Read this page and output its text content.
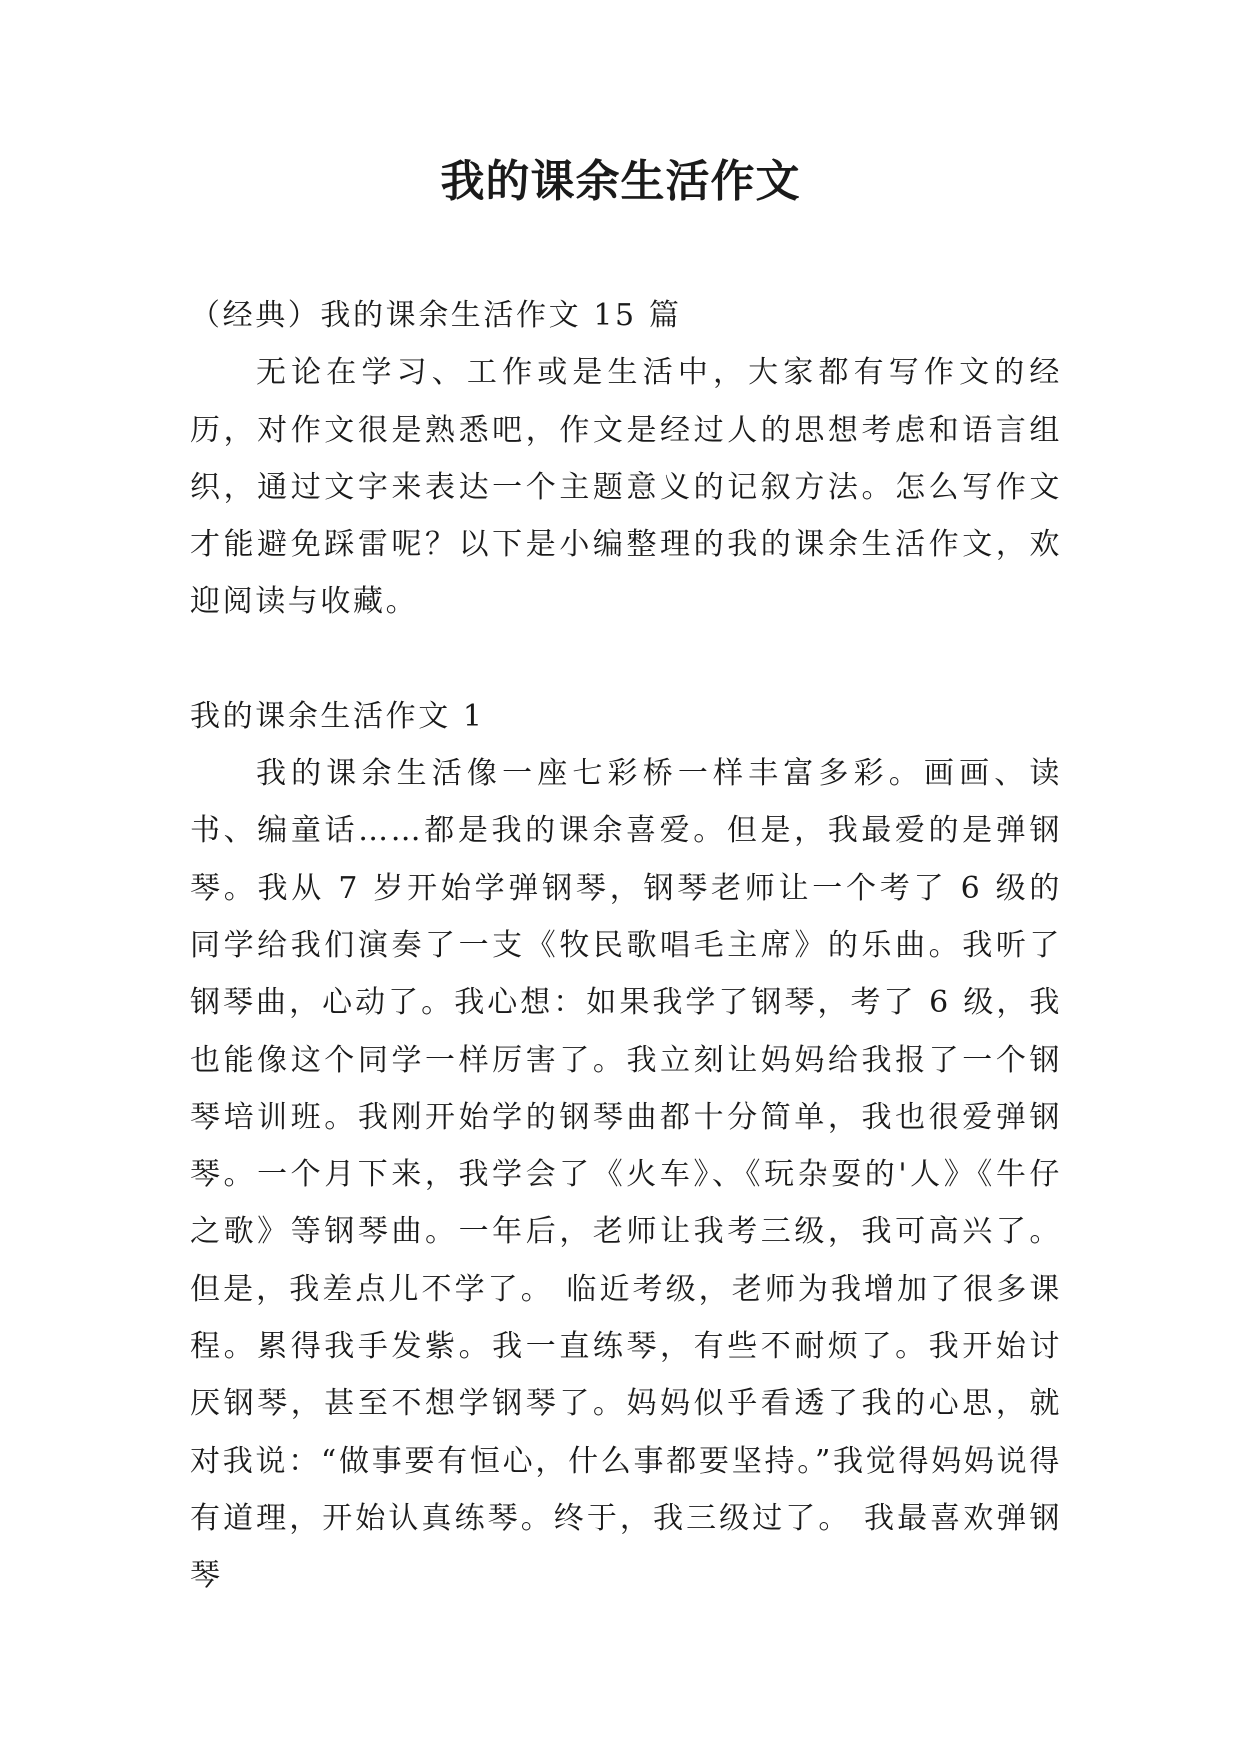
我的课余生活作文

（经典）我的课余生活作文 15 篇

无论在学习、工作或是生活中，大家都有写作文的经历，对作文很是熟悉吧，作文是经过人的思想考虑和语言组织，通过文字来表达一个主题意义的记叙方法。怎么写作文才能避免踩雷呢？以下是小编整理的我的课余生活作文，欢迎阅读与收藏。

我的课余生活作文 1

我的课余生活像一座七彩桥一样丰富多彩。画画、读书、编童话……都是我的课余喜爱。但是，我最爱的是弹钢琴。我从 7 岁开始学弹钢琴，钢琴老师让一个考了 6 级的同学给我们演奏了一支《牧民歌唱毛主席》的乐曲。我听了钢琴曲，心动了。我心想：如果我学了钢琴，考了 6 级，我也能像这个同学一样厉害了。我立刻让妈妈给我报了一个钢琴培训班。我刚开始学的钢琴曲都十分简单，我也很爱弹钢琴。一个月下来，我学会了《火车》、《玩杂耍的'人》《牛仔之歌》等钢琴曲。一年后，老师让我考三级，我可高兴了。但是，我差点儿不学了。 临近考级，老师为我增加了很多课程。累得我手发紫。我一直练琴，有些不耐烦了。我开始讨厌钢琴，甚至不想学钢琴了。妈妈似乎看透了我的心思，就对我说：“做事要有恒心，什么事都要坚持。”我觉得妈妈说得有道理，开始认真练琴。终于，我三级过了。 我最喜欢弹钢琴
